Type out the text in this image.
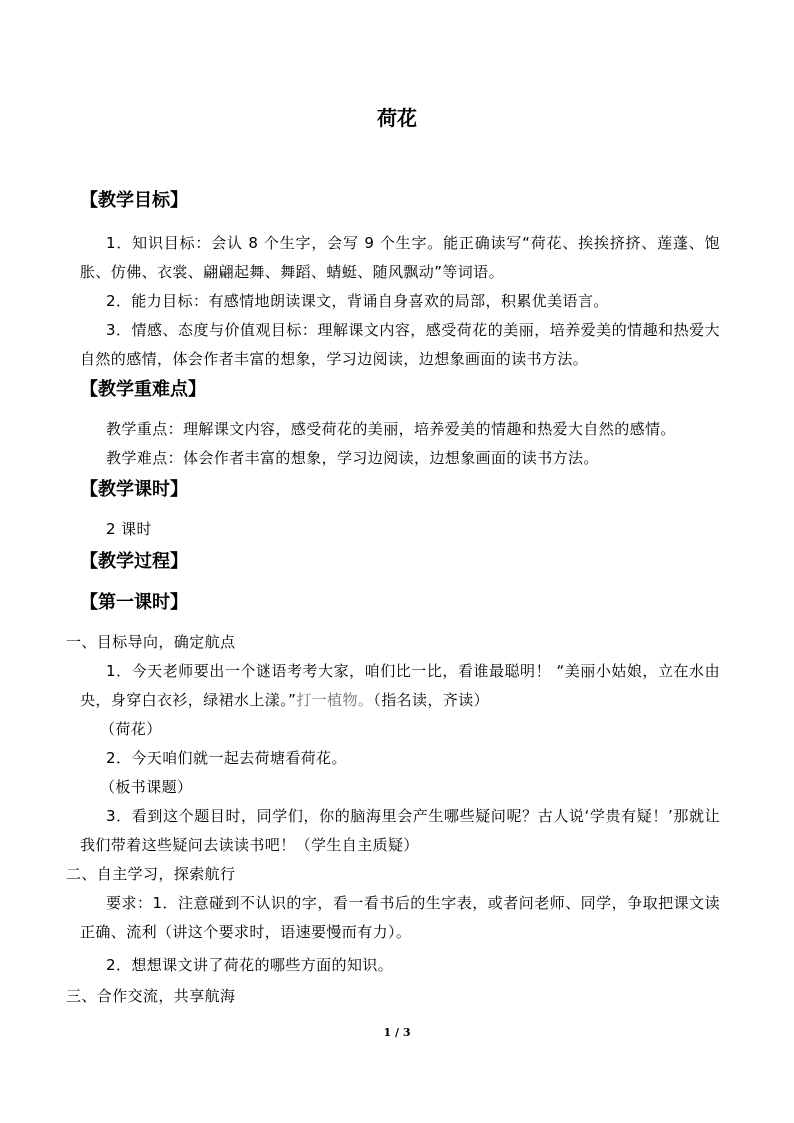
荷花
【教学目标】
1．知识目标：会认 8 个生字，会写 9 个生字。能正确读写“荷花、挨挨挤挤、莲蓬、饱胀、仿佛、衣裳、翩翩起舞、舞蹈、蜻蜓、随风飘动”等词语。
2．能力目标：有感情地朗读课文，背诵自身喜欢的局部，积累优美语言。
3．情感、态度与价值观目标：理解课文内容，感受荷花的美丽，培养爱美的情趣和热爱大自然的感情，体会作者丰富的想象，学习边阅读，边想象画面的读书方法。
【教学重难点】
教学重点：理解课文内容，感受荷花的美丽，培养爱美的情趣和热爱大自然的感情。
教学难点：体会作者丰富的想象，学习边阅读，边想象画面的读书方法。
【教学课时】
2 课时
【教学过程】
【第一课时】
一、目标导向，确定航点
1．今天老师要出一个谜语考考大家，咱们比一比，看谁最聪明！ “美丽小姑娘，立在水由央，身穿白衣衫，绿裙水上漾。”打一植物。（指名读，齐读）
（荷花）
2．今天咱们就一起去荷塘看荷花。
（板书课题）
3．看到这个题目时，同学们，你的脑海里会产生哪些疑问呢？古人说‘学贵有疑！’那就让我们带着这些疑问去读读书吧！（学生自主质疑）
二、自主学习，探索航行
要求：1．注意碰到不认识的字，看一看书后的生字表，或者问老师、同学，争取把课文读正确、流利（讲这个要求时，语速要慢而有力）。
2．想想课文讲了荷花的哪些方面的知识。
三、合作交流，共享航海
1 / 3
